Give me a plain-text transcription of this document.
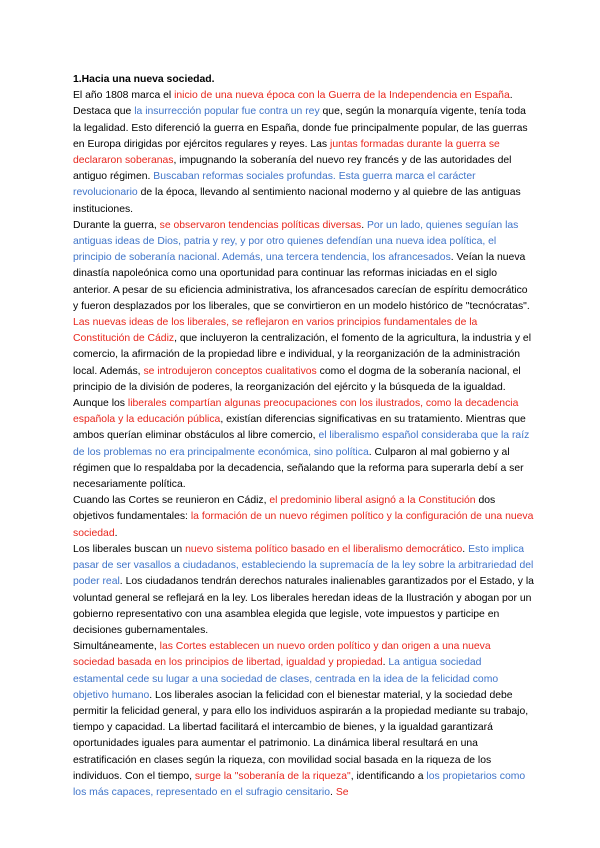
1.Hacia una nueva sociedad.

El año 1808 marca el inicio de una nueva época con la Guerra de la Independencia en España. Destaca que la insurrección popular fue contra un rey que, según la monarquía vigente, tenía toda la legalidad. Esto diferenció la guerra en España, donde fue principalmente popular, de las guerras en Europa dirigidas por ejércitos regulares y reyes. Las juntas formadas durante la guerra se declararon soberanas, impugnando la soberanía del nuevo rey francés y de las autoridades del antiguo régimen. Buscaban reformas sociales profundas. Esta guerra marca el carácter revolucionario de la época, llevando al sentimiento nacional moderno y al quiebre de las antiguas instituciones.

Durante la guerra, se observaron tendencias políticas diversas. Por un lado, quienes seguían las antiguas ideas de Dios, patria y rey, y por otro quienes defendían una nueva idea política, el principio de soberanía nacional. Además, una tercera tendencia, los afrancesados. Veían la nueva dinastía napoleónica como una oportunidad para continuar las reformas iniciadas en el siglo anterior. A pesar de su eficiencia administrativa, los afrancesados carecían de espíritu democrático y fueron desplazados por los liberales, que se convirtieron en un modelo histórico de "tecnócratas".

Las nuevas ideas de los liberales, se reflejaron en varios principios fundamentales de la Constitución de Cádiz, que incluyeron la centralización, el fomento de la agricultura, la industria y el comercio, la afirmación de la propiedad libre e individual, y la reorganización de la administración local. Además, se introdujeron conceptos cualitativos como el dogma de la soberanía nacional, el principio de la división de poderes, la reorganización del ejército y la búsqueda de la igualdad.

Aunque los liberales compartían algunas preocupaciones con los ilustrados, como la decadencia española y la educación pública, existían diferencias significativas en su tratamiento. Mientras que ambos querían eliminar obstáculos al libre comercio, el liberalismo español consideraba que la raíz de los problemas no era principalmente económica, sino política. Culparon al mal gobierno y al régimen que lo respaldaba por la decadencia, señalando que la reforma para superarla debí a ser necesariamente política.

Cuando las Cortes se reunieron en Cádiz, el predominio liberal asignó a la Constitución dos objetivos fundamentales: la formación de un nuevo régimen político y la configuración de una nueva sociedad.

Los liberales buscan un nuevo sistema político basado en el liberalismo democrático. Esto implica pasar de ser vasallos a ciudadanos, estableciendo la supremacía de la ley sobre la arbitrariedad del poder real. Los ciudadanos tendrán derechos naturales inalienables garantizados por el Estado, y la voluntad general se reflejará en la ley. Los liberales heredan ideas de la Ilustración y abogan por un gobierno representativo con una asamblea elegida que legisle, vote impuestos y participe en decisiones gubernamentales.

Simultáneamente, las Cortes establecen un nuevo orden político y dan origen a una nueva sociedad basada en los principios de libertad, igualdad y propiedad. La antigua sociedad estamental cede su lugar a una sociedad de clases, centrada en la idea de la felicidad como objetivo humano. Los liberales asocian la felicidad con el bienestar material, y la sociedad debe permitir la felicidad general, y para ello los individuos aspirarán a la propiedad mediante su trabajo, tiempo y capacidad. La libertad facilitará el intercambio de bienes, y la igualdad garantizará oportunidades iguales para aumentar el patrimonio. La dinámica liberal resultará en una estratificación en clases según la riqueza, con movilidad social basada en la riqueza de los individuos. Con el tiempo, surge la "soberanía de la riqueza", identificando a los propietarios como los más capaces, representado en el sufragio censitario. Se
